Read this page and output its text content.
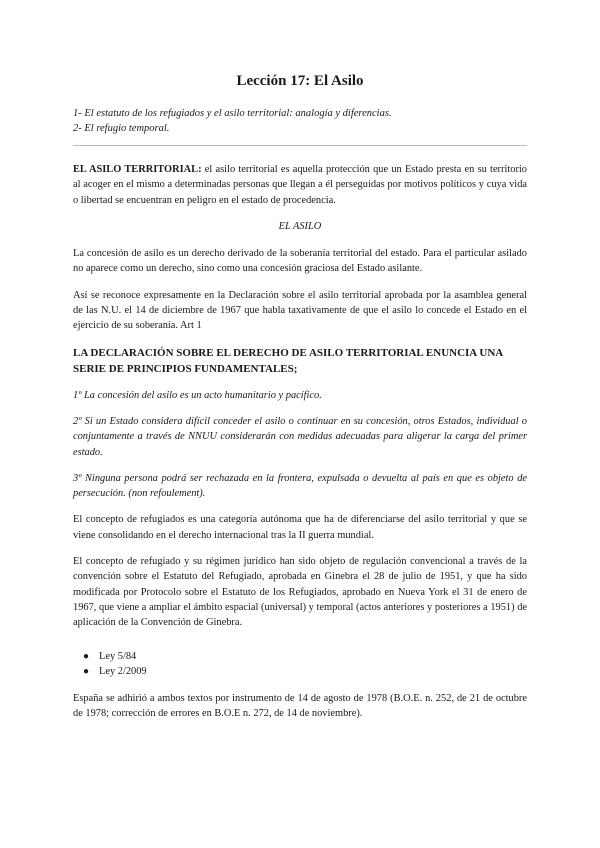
Lección 17: El Asilo
1- El estatuto de los refugiados y el asilo territorial: analogía y diferencias.
2- El refugio temporal.

EL ASILO TERRITORIAL: el asilo territorial es aquella protección que un Estado presta en su territorio al acoger en el mismo a determinadas personas que llegan a él perseguidas por motivos políticos y cuya vida o libertad se encuentran en peligro en el estado de procedencia.

EL ASILO

La concesión de asilo es un derecho derivado de la soberanía territorial del estado. Para el particular asilado no aparece como un derecho, sino como una concesión graciosa del Estado asilante.

Así se reconoce expresamente en la Declaración sobre el asilo territorial aprobada por la asamblea general de las N.U. el 14 de diciembre de 1967 que habla taxativamente de que el asilo lo concede el Estado en el ejercicio de su soberanía. Art 1

LA DECLARACIÓN SOBRE EL DERECHO DE ASILO TERRITORIAL ENUNCIA UNA SERIE DE PRINCIPIOS FUNDAMENTALES;

1º La concesión del asilo es un acto humanitario y pacífico.

2º Si un Estado considera difícil conceder el asilo o continuar en su concesión, otros Estados, individual o conjuntamente a través de NNUU considerarán con medidas adecuadas para aligerar la carga del primer estado.

3º Ninguna persona podrá ser rechazada en la frontera, expulsada o devuelta al país en que es objeto de persecución. (non refoulement).

El concepto de refugiados es una categoría autónoma que ha de diferenciarse del asilo territorial y que se viene consolidando en el derecho internacional tras la II guerra mundial.

El concepto de refugiado y su régimen jurídico han sido objeto de regulación convencional a través de la convención sobre el Estatuto del Refugiado, aprobada en Ginebra el 28 de julio de 1951, y que ha sido modificada por Protocolo sobre el Estatuto de los Refugiados, aprobado en Nueva York el 31 de enero de 1967, que viene a ampliar el ámbito espacial (universal) y temporal (actos anteriores y posteriores a 1951) de aplicación de la Convención de Ginebra.

● Ley 5/84
● Ley 2/2009

España se adhirió a ambos textos por instrumento de 14 de agosto de 1978 (B.O.E. n. 252, de 21 de octubre de 1978; corrección de errores en B.O.E n. 272, de 14 de noviembre).
